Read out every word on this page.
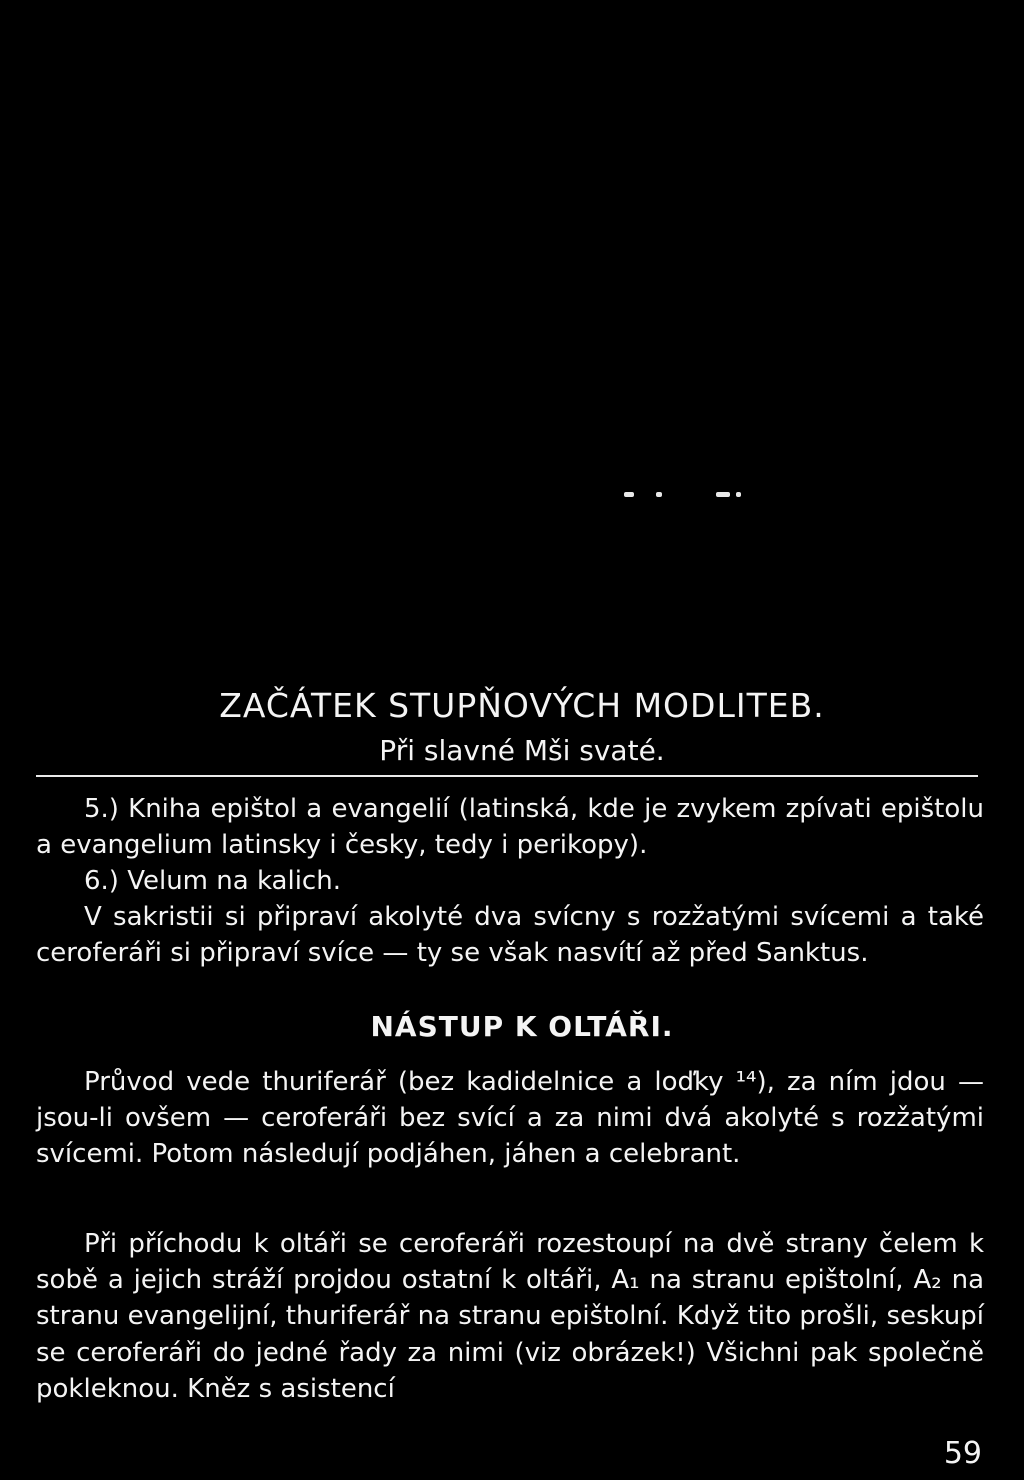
ZAČÁTEK STUPŇOVÝCH MODLITEB.
Při slavné Mši svaté.

5.) Kniha epištol a evangelií (latinská, kde je zvykem zpívati epištolu a evangelium latinsky i česky, tedy i perikopy).

6.) Velum na kalich.

V sakristii si připraví akolyté dva svícny s rozžatými svícemi a také ceroferáři si připraví svíce — ty se však nasvítí až před Sanktus.

NÁSTUP K OLTÁŘI.

Průvod vede thuriferář (bez kadidelnice a loďky ¹⁴), za ním jdou — jsou-li ovšem — ceroferáři bez svící a za nimi dvá akolyté s rozžatými svícemi. Potom následují podjáhen, jáhen a celebrant.

Při příchodu k oltáři se ceroferáři rozestoupí na dvě strany čelem k sobě a jejich stráží projdou ostatní k oltáři, A₁ na stranu epištolní, A₂ na stranu evangelijní, thuriferář na stranu epištolní. Když tito prošli, seskupí se ceroferáři do jedné řady za nimi (viz obrázek!) Všichni pak společně pokleknou. Kněz s asistencí

59
